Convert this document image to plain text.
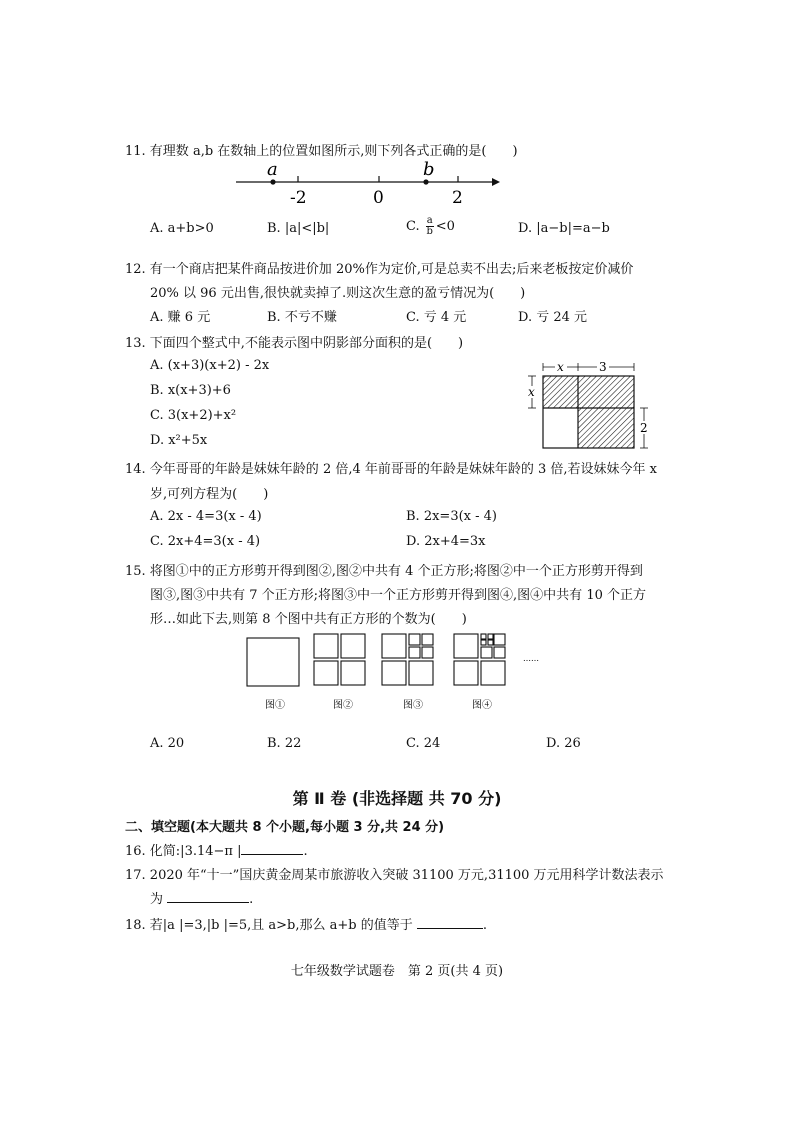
11. 有理数 a,b 在数轴上的位置如图所示,则下列各式正确的是(　　)
a	b
-2	0	2
A. a+b>0	B. |a|<|b|	C. $\frac{a}{b} <0$	D. |a−b|=a−b
12. 有一个商店把某件商品按进价加 20%作为定价,可是总卖不出去;后来老板按定价减价
20% 以 96 元出售,很快就卖掉了.则这次生意的盈亏情况为(　　)
A. 赚 6 元	B. 不亏不赚	C. 亏 4 元	D. 亏 24 元
13. 下面四个整式中,不能表示图中阴影部分面积的是(　　)
A. (x+3)(x+2) - 2x
B. x(x+3)+6
C. 3(x+2)+x²
D. x²+5x
x	3
x
2
14. 今年哥哥的年龄是妹妹年龄的 2 倍,4 年前哥哥的年龄是妹妹年龄的 3 倍,若设妹妹今年 x
岁,可列方程为(　　)
A. 2x - 4=3(x - 4)	B. 2x=3(x - 4)
C. 2x+4=3(x - 4)	D. 2x+4=3x
15. 将图①中的正方形剪开得到图②,图②中共有 4 个正方形;将图②中一个正方形剪开得到
图③,图③中共有 7 个正方形;将图③中一个正方形剪开得到图④,图④中共有 10 个正方
形…如此下去,则第 8 个图中共有正方形的个数为(　　)
……
图①	图②	图③	图④
A. 20	B. 22	C. 24	D. 26
第 Ⅱ 卷 (非选择题 共 70 分)
二、填空题(本大题共 8 个小题,每小题 3 分,共 24 分)
16. 化简:|3.14−π |	.
17. 2020 年“十一”国庆黄金周某市旅游收入突破 31100 万元,31100 万元用科学计数法表示
为	.
18. 若|a |=3,|b |=5,且 a>b,那么 a+b 的值等于	.
七年级数学试题卷　第 2 页(共 4 页)
